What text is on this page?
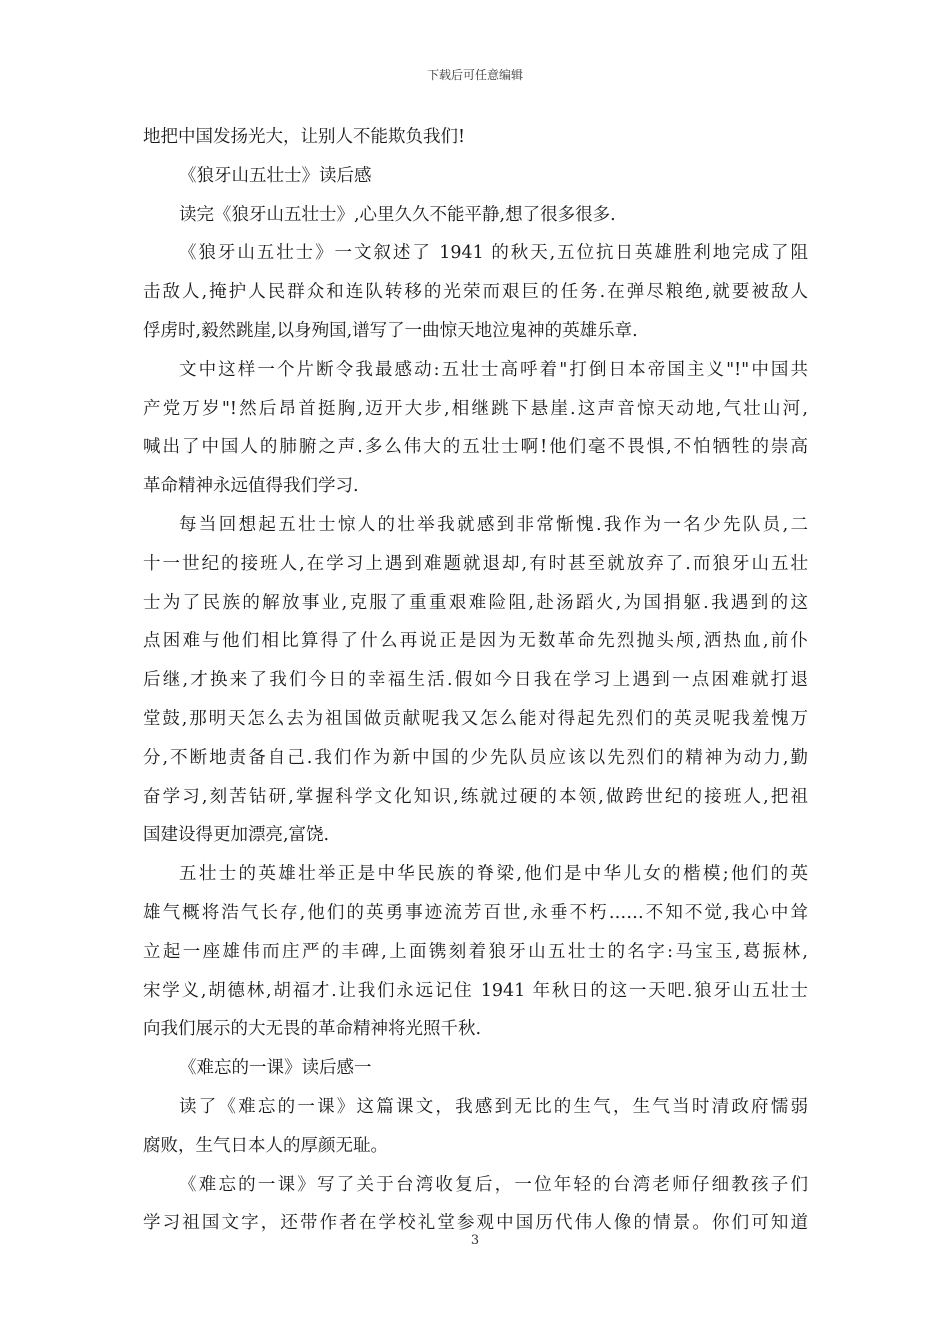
下载后可任意编辑
地把中国发扬光大，让别人不能欺负我们!
《狼牙山五壮士》读后感
读完《狼牙山五壮士》,心里久久不能平静,想了很多很多.
《狼牙山五壮士》一文叙述了 1941 的秋天,五位抗日英雄胜利地完成了阻
击敌人,掩护人民群众和连队转移的光荣而艰巨的任务.在弹尽粮绝,就要被敌人
俘虏时,毅然跳崖,以身殉国,谱写了一曲惊天地泣鬼神的英雄乐章.
文中这样一个片断令我最感动:五壮士高呼着"打倒日本帝国主义"!"中国共
产党万岁"!然后昂首挺胸,迈开大步,相继跳下悬崖.这声音惊天动地,气壮山河,
喊出了中国人的肺腑之声.多么伟大的五壮士啊!他们毫不畏惧,不怕牺牲的崇高
革命精神永远值得我们学习.
每当回想起五壮士惊人的壮举我就感到非常惭愧.我作为一名少先队员,二
十一世纪的接班人,在学习上遇到难题就退却,有时甚至就放弃了.而狼牙山五壮
士为了民族的解放事业,克服了重重艰难险阻,赴汤蹈火,为国捐躯.我遇到的这
点困难与他们相比算得了什么再说正是因为无数革命先烈抛头颅,洒热血,前仆
后继,才换来了我们今日的幸福生活.假如今日我在学习上遇到一点困难就打退
堂鼓,那明天怎么去为祖国做贡献呢我又怎么能对得起先烈们的英灵呢我羞愧万
分,不断地责备自己.我们作为新中国的少先队员应该以先烈们的精神为动力,勤
奋学习,刻苦钻研,掌握科学文化知识,练就过硬的本领,做跨世纪的接班人,把祖
国建设得更加漂亮,富饶.
五壮士的英雄壮举正是中华民族的脊梁,他们是中华儿女的楷模;他们的英
雄气概将浩气长存,他们的英勇事迹流芳百世,永垂不朽……不知不觉,我心中耸
立起一座雄伟而庄严的丰碑,上面镌刻着狼牙山五壮士的名字:马宝玉,葛振林,
宋学义,胡德林,胡福才.让我们永远记住 1941 年秋日的这一天吧.狼牙山五壮士
向我们展示的大无畏的革命精神将光照千秋.
《难忘的一课》读后感一
读了《难忘的一课》这篇课文，我感到无比的生气，生气当时清政府懦弱
腐败，生气日本人的厚颜无耻。
《难忘的一课》写了关于台湾收复后，一位年轻的台湾老师仔细教孩子们
学习祖国文字，还带作者在学校礼堂参观中国历代伟人像的情景。你们可知道
3
